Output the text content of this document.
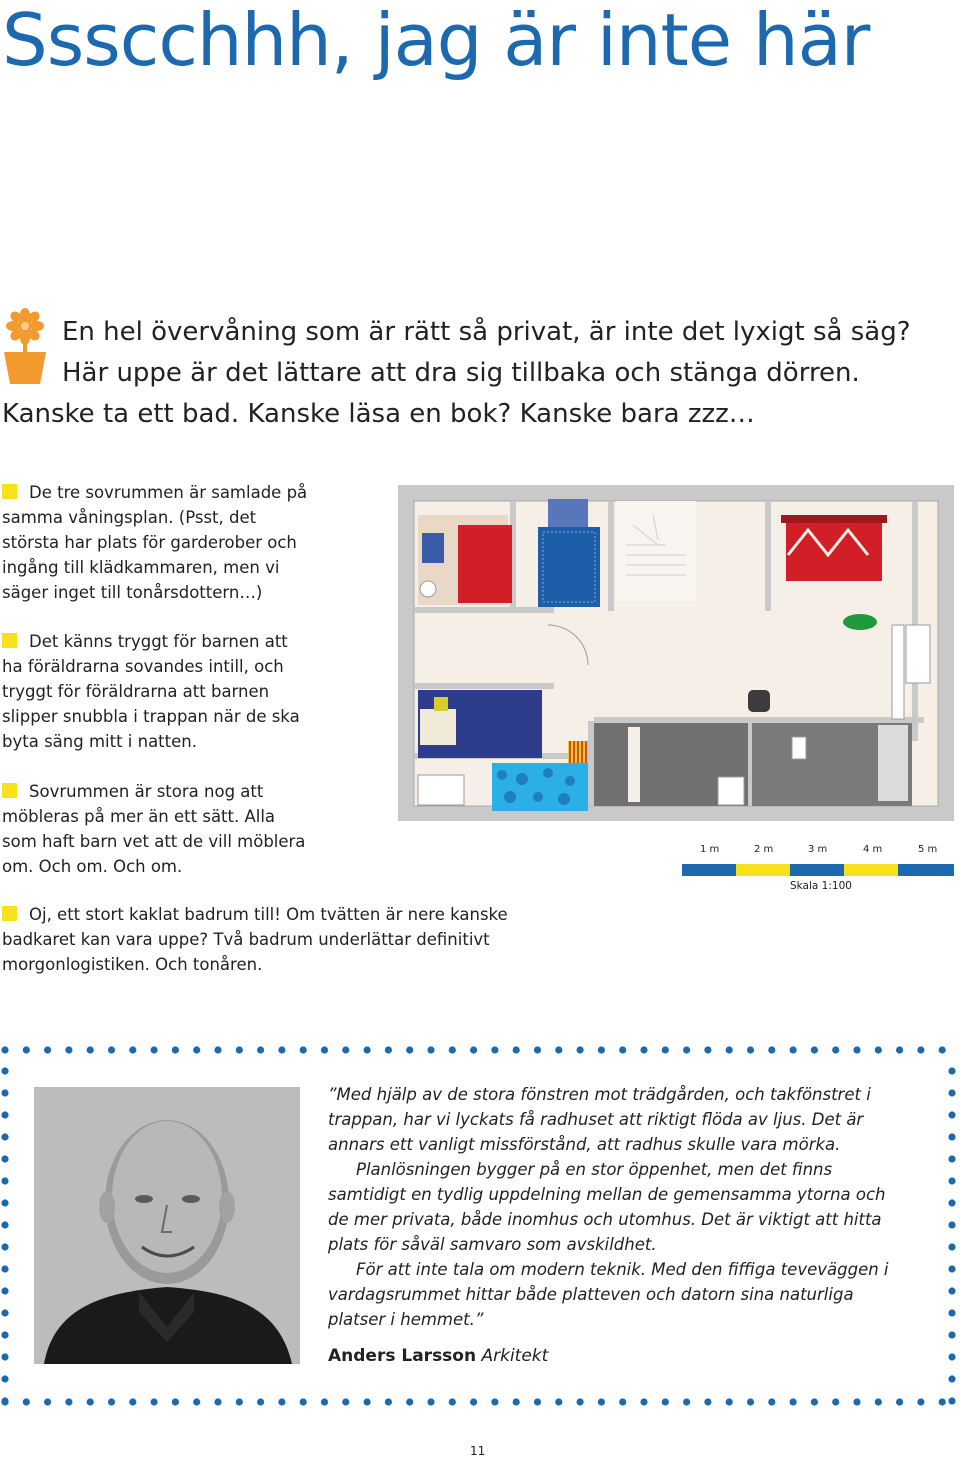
Ssscchhh, jag är inte här
En hel övervåning som är rätt så privat, är inte det lyxigt så säg?
Här uppe är det lättare att dra sig tillbaka och stänga dörren.
Kanske ta ett bad. Kanske läsa en bok? Kanske bara zzz…
De tre sovrummen är samlade på
samma våningsplan. (Psst, det
största har plats för garderober och
ingång till klädkammaren, men vi
säger inget till tonårsdottern…)
Det känns tryggt för barnen att
ha föräldrarna sovandes intill, och
tryggt för föräldrarna att barnen
slipper snubbla i trappan när de ska
byta säng mitt i natten.
Sovrummen är stora nog att
möbleras på mer än ett sätt. Alla
som haft barn vet att de vill möblera
om. Och om. Och om.
Oj, ett stort kaklat badrum till! Om tvätten är nere kanske
badkaret kan vara uppe? Två badrum underlättar definitivt
morgonlogistiken. Och tonåren.
1 m	2 m	3 m	4 m	5 m
Skala 1:100
”Med hjälp av de stora fönstren mot trädgården, och takfönstret i
trappan, har vi lyckats få radhuset att riktigt flöda av ljus. Det är
annars ett vanligt missförstånd, att radhus skulle vara mörka.
Planlösningen bygger på en stor öppenhet, men det finns
samtidigt en tydlig uppdelning mellan de gemensamma ytorna och
de mer privata, både inomhus och utomhus. Det är viktigt att hitta
plats för såväl samvaro som avskildhet.
För att inte tala om modern teknik. Med den fiffiga teveväggen i
vardagsrummet hittar både platteven och datorn sina naturliga
platser i hemmet.”
Anders Larsson Arkitekt
11
